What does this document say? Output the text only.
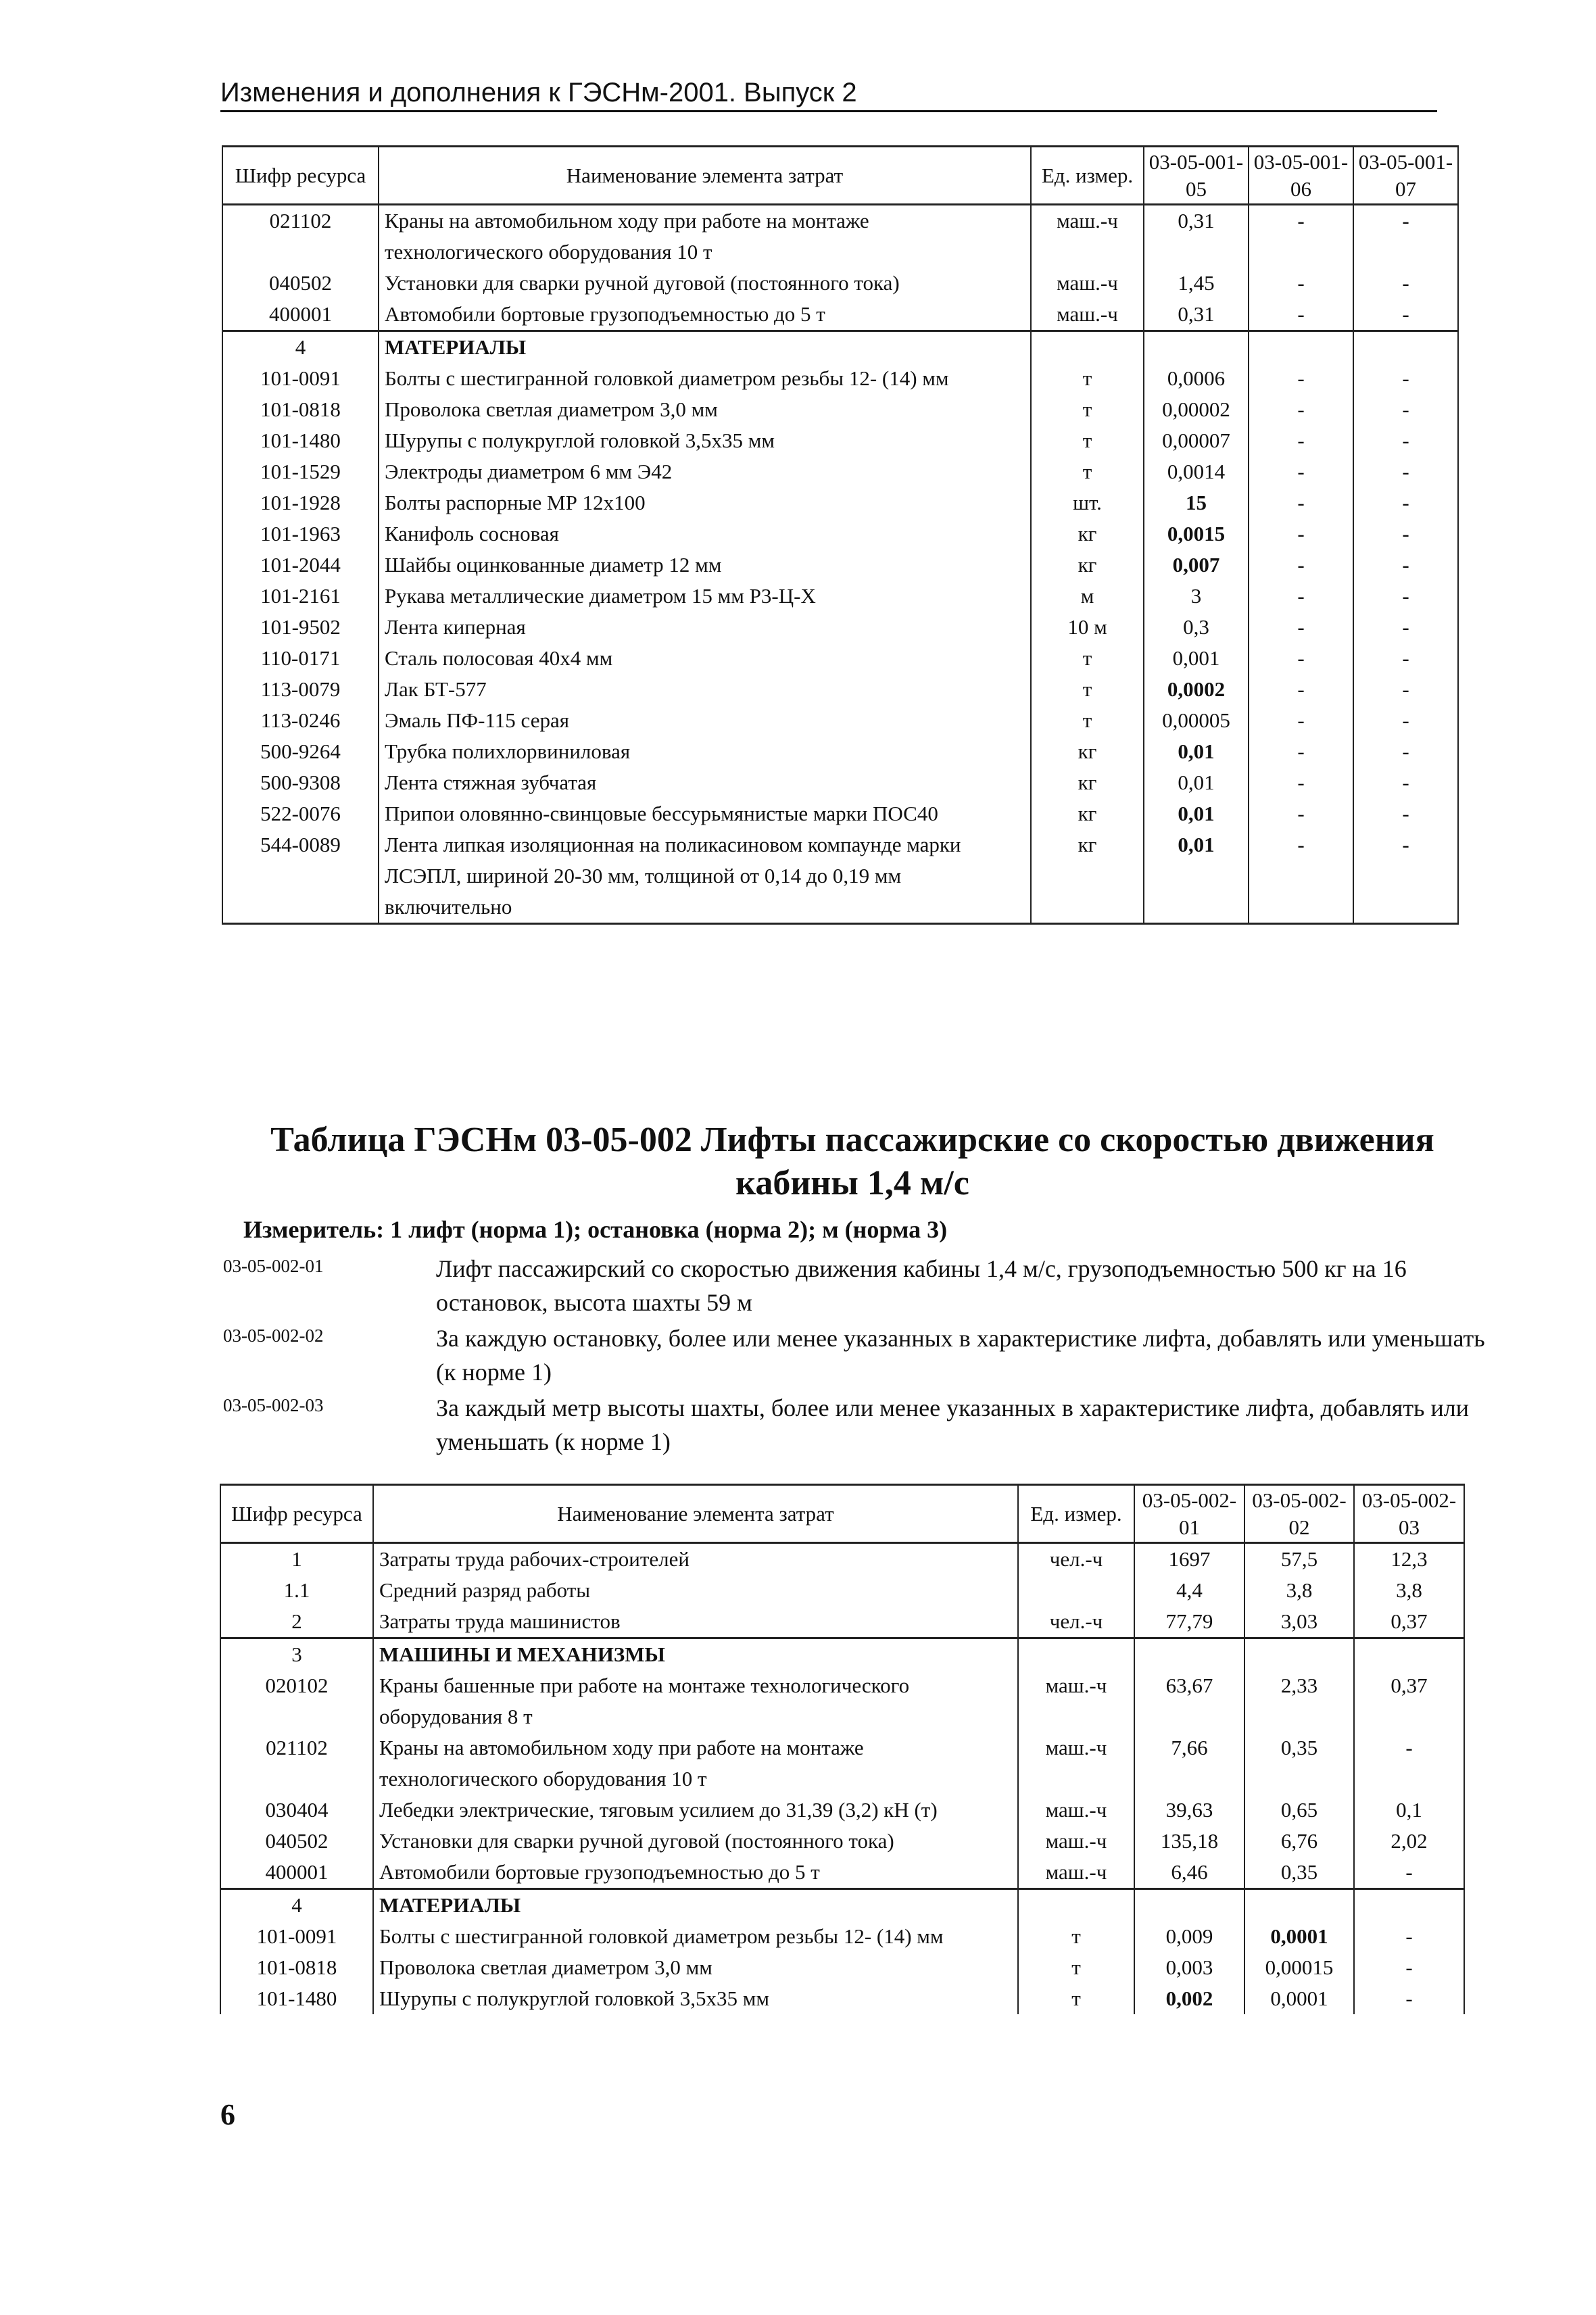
Изменения и дополнения к ГЭСНм-2001. Выпуск 2
Шифр ресурса	Наименование элемента затрат	Ед. измер.	03-05-001-05	03-05-001-06	03-05-001-07
021102	Краны на автомобильном ходу при работе на монтаже технологического оборудования 10 т	маш.-ч	0,31	-	-
040502	Установки для сварки ручной дуговой (постоянного тока)	маш.-ч	1,45	-	-
400001	Автомобили бортовые грузоподъемностью до 5 т	маш.-ч	0,31	-	-
4	МАТЕРИАЛЫ				
101-0091	Болты с шестигранной головкой диаметром резьбы 12- (14) мм	т	0,0006	-	-
101-0818	Проволока светлая диаметром 3,0 мм	т	0,00002	-	-
101-1480	Шурупы с полукруглой головкой 3,5х35 мм	т	0,00007	-	-
101-1529	Электроды диаметром 6 мм Э42	т	0,0014	-	-
101-1928	Болты распорные МР 12х100	шт.	15	-	-
101-1963	Канифоль сосновая	кг	0,0015	-	-
101-2044	Шайбы оцинкованные диаметр 12 мм	кг	0,007	-	-
101-2161	Рукава металлические диаметром 15 мм Р3-Ц-Х	м	3	-	-
101-9502	Лента киперная	10 м	0,3	-	-
110-0171	Сталь полосовая 40х4 мм	т	0,001	-	-
113-0079	Лак БТ-577	т	0,0002	-	-
113-0246	Эмаль ПФ-115 серая	т	0,00005	-	-
500-9264	Трубка полихлорвиниловая	кг	0,01	-	-
500-9308	Лента стяжная зубчатая	кг	0,01	-	-
522-0076	Припои оловянно-свинцовые бессурьмянистые марки ПОС40	кг	0,01	-	-
544-0089	Лента липкая изоляционная на поликасиновом компаунде марки ЛСЭПЛ, шириной 20-30 мм, толщиной от 0,14 до 0,19 мм включительно	кг	0,01	-	-
Таблица ГЭСНм 03-05-002 Лифты пассажирские со скоростью движения кабины 1,4 м/с
Измеритель: 1 лифт (норма 1); остановка (норма 2); м (норма 3)
03-05-002-01	Лифт пассажирский со скоростью движения кабины 1,4 м/с, грузоподъемностью 500 кг на 16 остановок, высота шахты 59 м
03-05-002-02	За каждую остановку, более или менее указанных в характеристике лифта, добавлять или уменьшать (к норме 1)
03-05-002-03	За каждый метр высоты шахты, более или менее указанных в характеристике лифта, добавлять или уменьшать (к норме 1)
Шифр ресурса	Наименование элемента затрат	Ед. измер.	03-05-002-01	03-05-002-02	03-05-002-03
1	Затраты труда рабочих-строителей	чел.-ч	1697	57,5	12,3
1.1	Средний разряд работы		4,4	3,8	3,8
2	Затраты труда машинистов	чел.-ч	77,79	3,03	0,37
3	МАШИНЫ И МЕХАНИЗМЫ				
020102	Краны башенные при работе на монтаже технологического оборудования 8 т	маш.-ч	63,67	2,33	0,37
021102	Краны на автомобильном ходу при работе на монтаже технологического оборудования 10 т	маш.-ч	7,66	0,35	-
030404	Лебедки электрические, тяговым усилием до 31,39 (3,2) кН (т)	маш.-ч	39,63	0,65	0,1
040502	Установки для сварки ручной дуговой (постоянного тока)	маш.-ч	135,18	6,76	2,02
400001	Автомобили бортовые грузоподъемностью до 5 т	маш.-ч	6,46	0,35	-
4	МАТЕРИАЛЫ				
101-0091	Болты с шестигранной головкой диаметром резьбы 12- (14) мм	т	0,009	0,0001	-
101-0818	Проволока светлая диаметром 3,0 мм	т	0,003	0,00015	-
101-1480	Шурупы с полукруглой головкой 3,5х35 мм	т	0,002	0,0001	-
6
